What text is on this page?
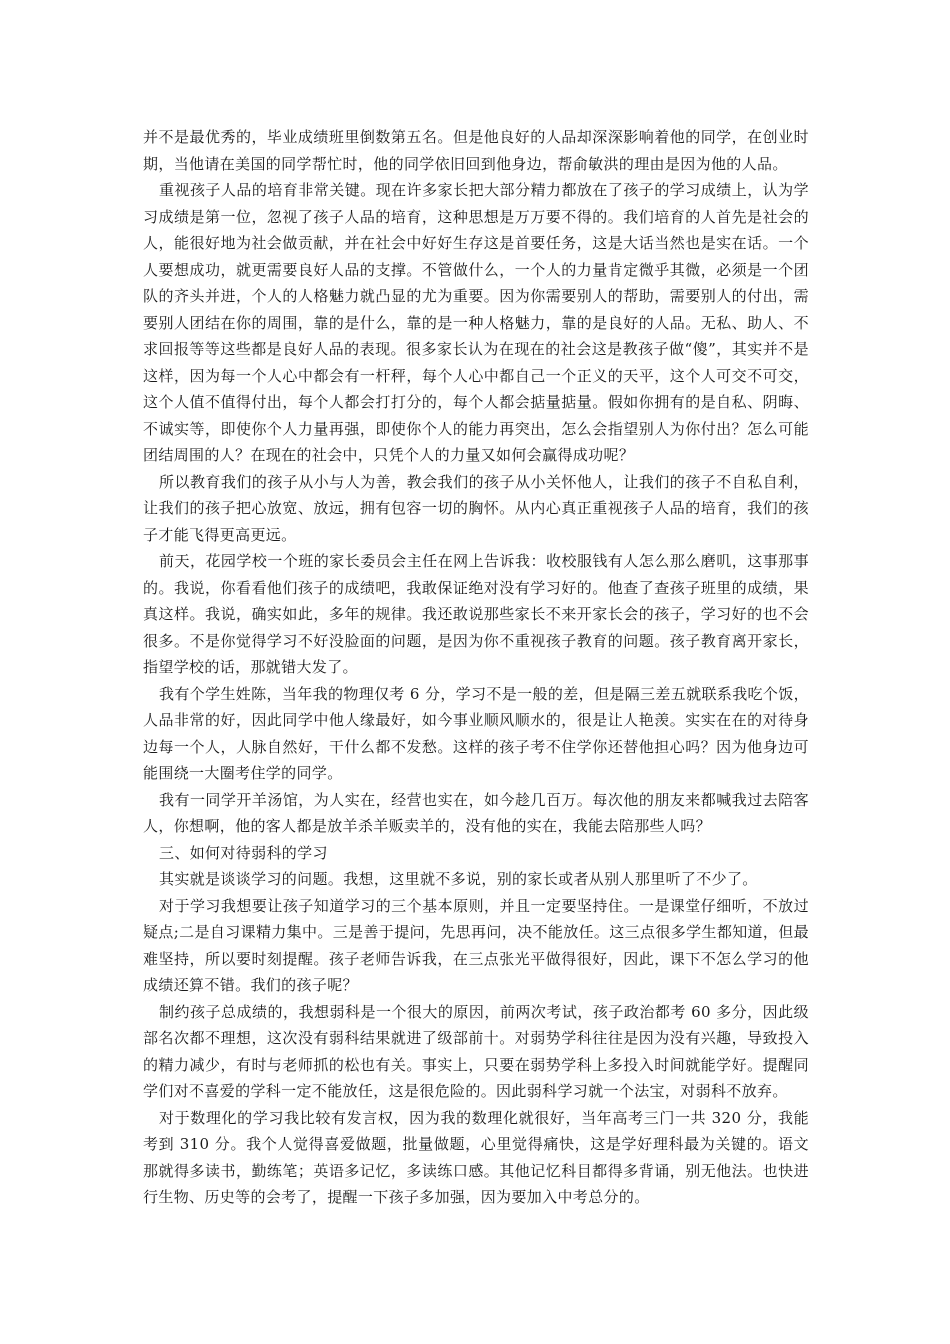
并不是最优秀的，毕业成绩班里倒数第五名。但是他良好的人品却深深影响着他的同学，在创业时期，当他请在美国的同学帮忙时，他的同学依旧回到他身边，帮俞敏洪的理由是因为他的人品。

重视孩子人品的培育非常关键。现在许多家长把大部分精力都放在了孩子的学习成绩上，认为学习成绩是第一位，忽视了孩子人品的培育，这种思想是万万要不得的。我们培育的人首先是社会的人，能很好地为社会做贡献，并在社会中好好生存这是首要任务，这是大话当然也是实在话。一个人要想成功，就更需要良好人品的支撑。不管做什么，一个人的力量肯定微乎其微，必须是一个团队的齐头并进，个人的人格魅力就凸显的尤为重要。因为你需要别人的帮助，需要别人的付出，需要别人团结在你的周围，靠的是什么，靠的是一种人格魅力，靠的是良好的人品。无私、助人、不求回报等等这些都是良好人品的表现。很多家长认为在现在的社会这是教孩子做“傻”，其实并不是这样，因为每一个人心中都会有一杆秤，每个人心中都自己一个正义的天平，这个人可交不可交，这个人值不值得付出，每个人都会打打分的，每个人都会掂量掂量。假如你拥有的是自私、阴晦、不诚实等，即使你个人力量再强，即使你个人的能力再突出，怎么会指望别人为你付出？怎么可能团结周围的人？在现在的社会中，只凭个人的力量又如何会赢得成功呢？

所以教育我们的孩子从小与人为善，教会我们的孩子从小关怀他人，让我们的孩子不自私自利，让我们的孩子把心放宽、放远，拥有包容一切的胸怀。从内心真正重视孩子人品的培育，我们的孩子才能飞得更高更远。

前天，花园学校一个班的家长委员会主任在网上告诉我：收校服钱有人怎么那么磨叽，这事那事的。我说，你看看他们孩子的成绩吧，我敢保证绝对没有学习好的。他查了查孩子班里的成绩，果真这样。我说，确实如此，多年的规律。我还敢说那些家长不来开家长会的孩子，学习好的也不会很多。不是你觉得学习不好没脸面的问题，是因为你不重视孩子教育的问题。孩子教育离开家长，指望学校的话，那就错大发了。

我有个学生姓陈，当年我的物理仅考 6 分，学习不是一般的差，但是隔三差五就联系我吃个饭，人品非常的好，因此同学中他人缘最好，如今事业顺风顺水的，很是让人艳羡。实实在在的对待身边每一个人，人脉自然好，干什么都不发愁。这样的孩子考不住学你还替他担心吗？因为他身边可能围绕一大圈考住学的同学。

我有一同学开羊汤馆，为人实在，经营也实在，如今趁几百万。每次他的朋友来都喊我过去陪客人，你想啊，他的客人都是放羊杀羊贩卖羊的，没有他的实在，我能去陪那些人吗？

三、如何对待弱科的学习

其实就是谈谈学习的问题。我想，这里就不多说，别的家长或者从别人那里听了不少了。

对于学习我想要让孩子知道学习的三个基本原则，并且一定要坚持住。一是课堂仔细听，不放过疑点;二是自习课精力集中。三是善于提问，先思再问，决不能放任。这三点很多学生都知道，但最难坚持，所以要时刻提醒。孩子老师告诉我，在三点张光平做得很好，因此，课下不怎么学习的他成绩还算不错。我们的孩子呢？

制约孩子总成绩的，我想弱科是一个很大的原因，前两次考试，孩子政治都考 60 多分，因此级部名次都不理想，这次没有弱科结果就进了级部前十。对弱势学科往往是因为没有兴趣，导致投入的精力减少，有时与老师抓的松也有关。事实上，只要在弱势学科上多投入时间就能学好。提醒同学们对不喜爱的学科一定不能放任，这是很危险的。因此弱科学习就一个法宝，对弱科不放弃。

对于数理化的学习我比较有发言权，因为我的数理化就很好，当年高考三门一共 320 分，我能考到 310 分。我个人觉得喜爱做题，批量做题，心里觉得痛快，这是学好理科最为关键的。语文那就得多读书，勤练笔；英语多记忆，多读练口感。其他记忆科目都得多背诵，别无他法。也快进行生物、历史等的会考了，提醒一下孩子多加强，因为要加入中考总分的。
